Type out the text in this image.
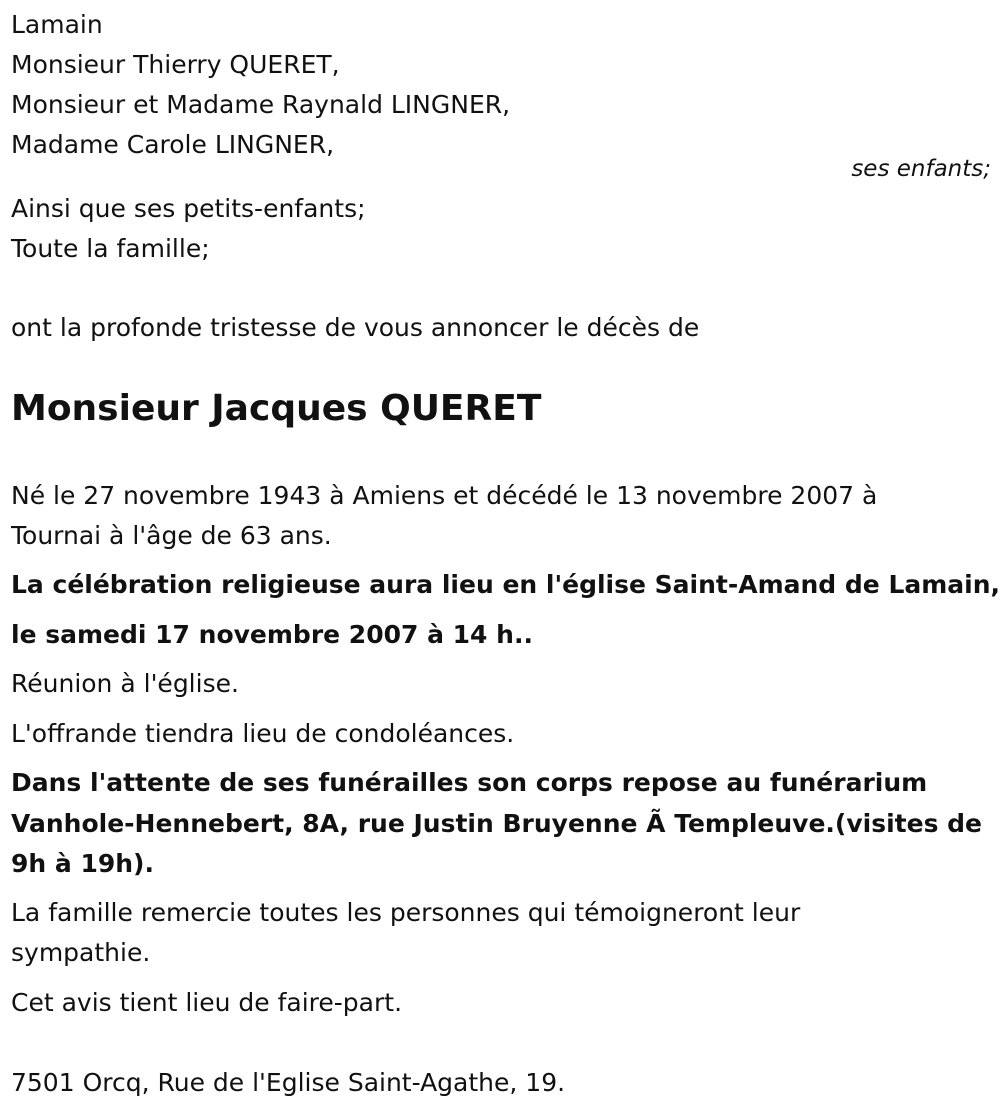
Lamain
Monsieur Thierry QUERET,
Monsieur et Madame Raynald LINGNER,
Madame Carole LINGNER,
ses enfants;
Ainsi que ses petits-enfants;
Toute la famille;
ont la profonde tristesse de vous annoncer le décès de
Monsieur Jacques QUERET
Né le 27 novembre 1943 à Amiens et décédé le 13 novembre 2007 à
Tournai à l'âge de 63 ans.
La célébration religieuse aura lieu en l'église Saint-Amand de Lamain,
le samedi 17 novembre 2007 à 14 h..
Réunion à l'église.
L'offrande tiendra lieu de condoléances.
Dans l'attente de ses funérailles son corps repose au funérarium
Vanhole-Hennebert, 8A, rue Justin Bruyenne Ã Templeuve.(visites de
9h à 19h).
La famille remercie toutes les personnes qui témoigneront leur
sympathie.
Cet avis tient lieu de faire-part.
7501 Orcq, Rue de l'Eglise Saint-Agathe, 19.
